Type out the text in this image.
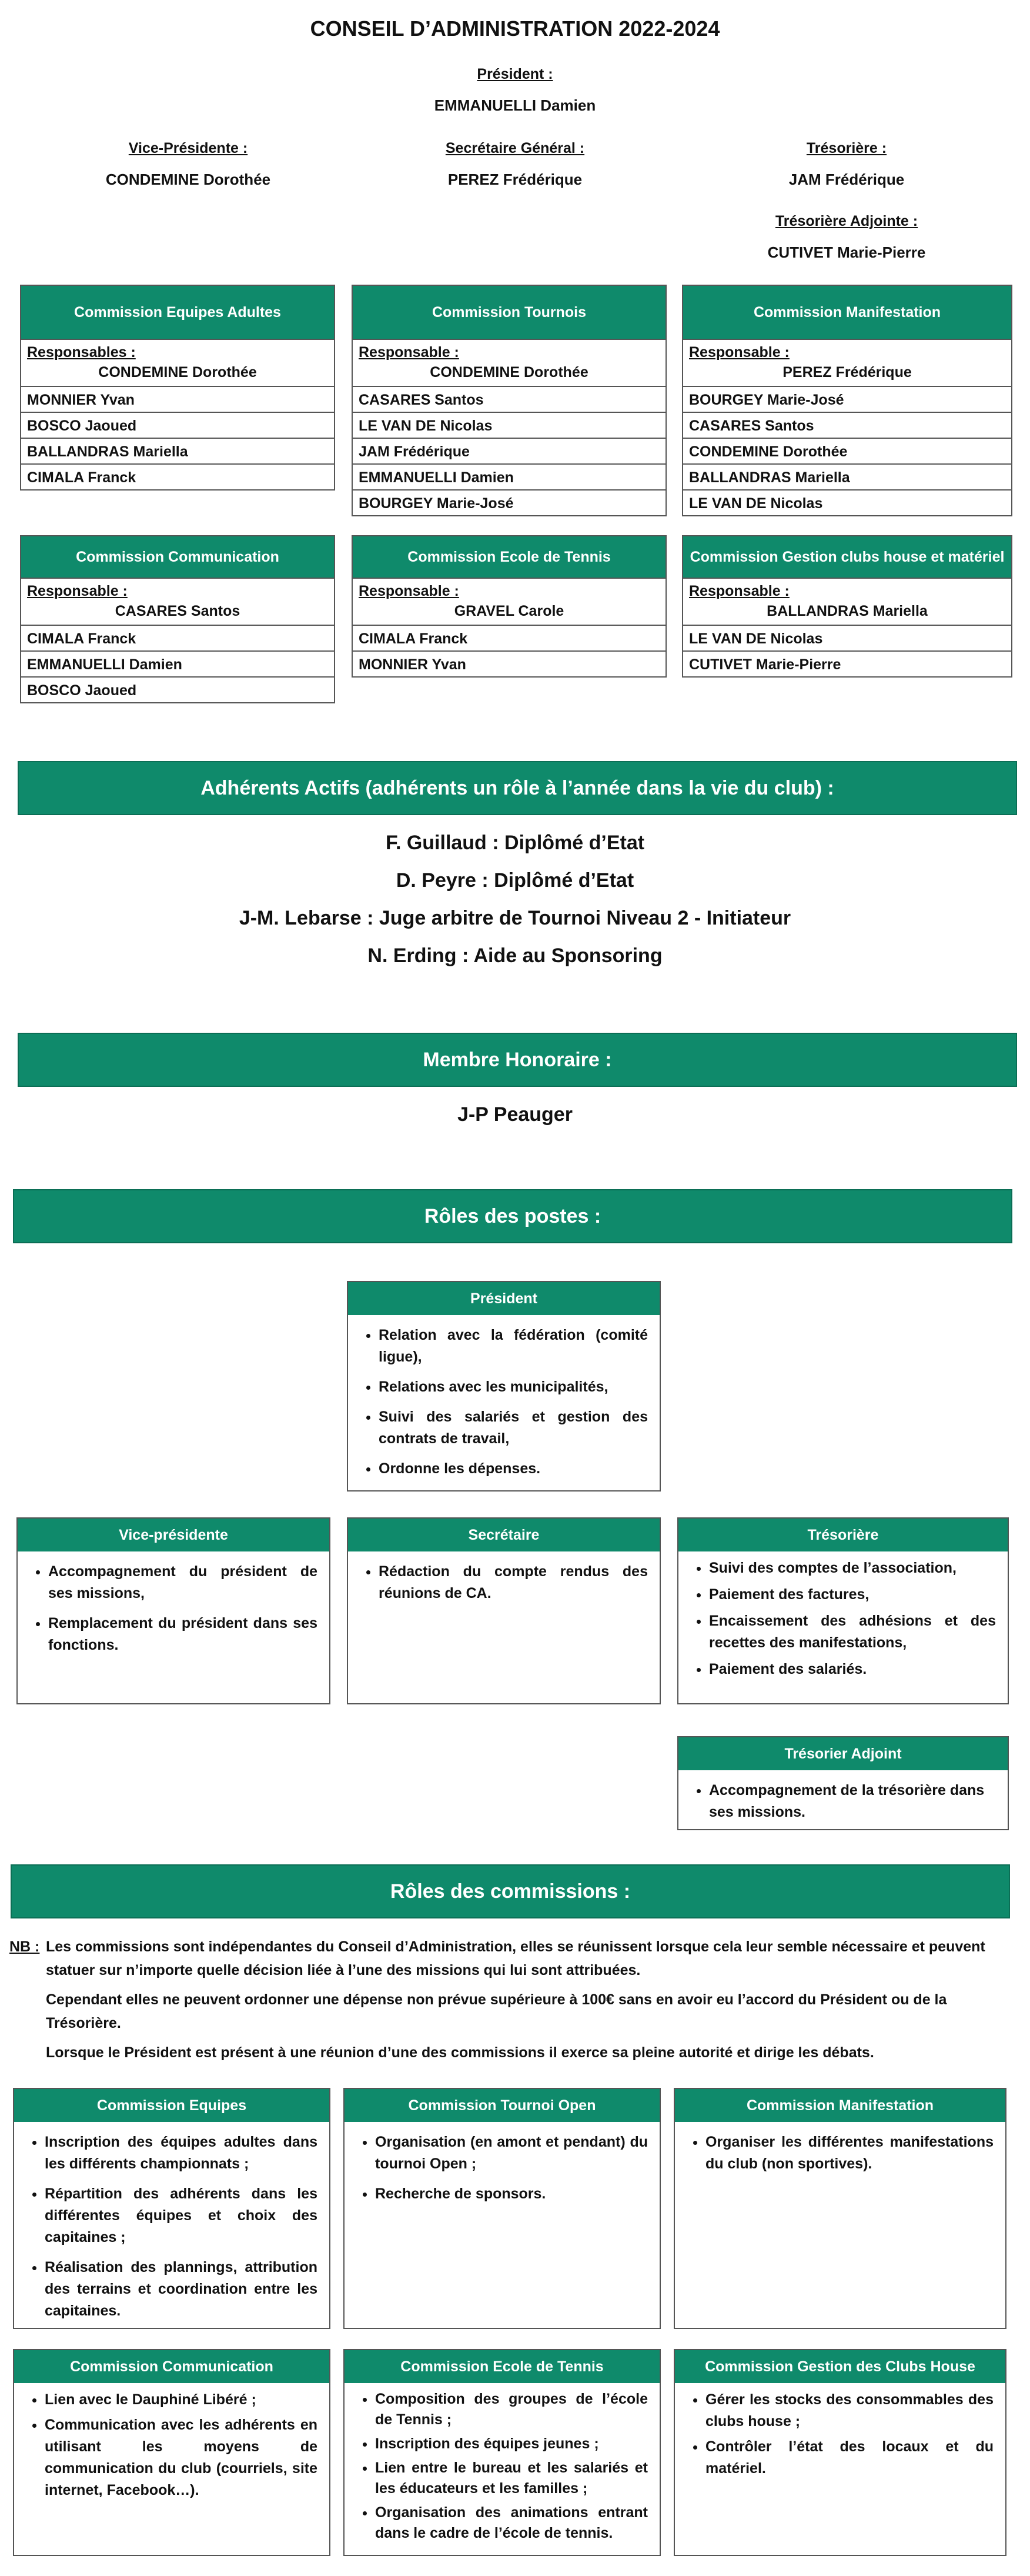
CONSEIL D’ADMINISTRATION 2022-2024
Président :
EMMANUELLI Damien
Vice-Présidente :
CONDEMINE Dorothée
Secrétaire Général :
PEREZ Frédérique
Trésorière :
JAM Frédérique
Trésorière Adjointe :
CUTIVET Marie-Pierre
Commission Equipes Adultes
Responsables :
CONDEMINE Dorothée
MONNIER Yvan
BOSCO Jaoued
BALLANDRAS Mariella
CIMALA Franck
Commission Tournois
Responsable :
CONDEMINE Dorothée
CASARES Santos
LE VAN DE Nicolas
JAM Frédérique
EMMANUELLI Damien
BOURGEY Marie-José
Commission Manifestation
Responsable :
PEREZ Frédérique
BOURGEY Marie-José
CASARES Santos
CONDEMINE Dorothée
BALLANDRAS Mariella
LE VAN DE Nicolas
Commission Communication
Responsable :
CASARES Santos
CIMALA Franck
EMMANUELLI Damien
BOSCO Jaoued
Commission Ecole de Tennis
Responsable :
GRAVEL Carole
CIMALA Franck
MONNIER Yvan
Commission Gestion clubs house et matériel
Responsable :
BALLANDRAS Mariella
LE VAN DE Nicolas
CUTIVET Marie-Pierre
Adhérents Actifs (adhérents un rôle à l’année dans la vie du club) :
F. Guillaud : Diplômé d’Etat
D. Peyre : Diplômé d’Etat
J-M. Lebarse : Juge arbitre de Tournoi Niveau 2 - Initiateur
N. Erding : Aide au Sponsoring
Membre Honoraire :
J-P Peauger
Rôles des postes :
Président
• Relation avec la fédération (comité ligue),
• Relations avec les municipalités,
• Suivi des salariés et gestion des contrats de travail,
• Ordonne les dépenses.
Vice-présidente
• Accompagnement du président de ses missions,
• Remplacement du président dans ses fonctions.
Secrétaire
• Rédaction du compte rendus des réunions de CA.
Trésorière
• Suivi des comptes de l’association,
• Paiement des factures,
• Encaissement des adhésions et des recettes des manifestations,
• Paiement des salariés.
Trésorier Adjoint
• Accompagnement de la trésorière dans ses missions.
Rôles des commissions :
NB : Les commissions sont indépendantes du Conseil d’Administration, elles se réunissent lorsque cela leur semble nécessaire et peuvent statuer sur n’importe quelle décision liée à l’une des missions qui lui sont attribuées.
Cependant elles ne peuvent ordonner une dépense non prévue supérieure à 100€ sans en avoir eu l’accord du Président ou de la Trésorière.
Lorsque le Président est présent à une réunion d’une des commissions il exerce sa pleine autorité et dirige les débats.
Commission Equipes
• Inscription des équipes adultes dans les différents championnats ;
• Répartition des adhérents dans les différentes équipes et choix des capitaines ;
• Réalisation des plannings, attribution des terrains et coordination entre les capitaines.
Commission Tournoi Open
• Organisation (en amont et pendant) du tournoi Open ;
• Recherche de sponsors.
Commission Manifestation
• Organiser les différentes manifestations du club (non sportives).
Commission Communication
• Lien avec le Dauphiné Libéré ;
• Communication avec les adhérents en utilisant les moyens de communication du club (courriels, site internet, Facebook…).
Commission Ecole de Tennis
• Composition des groupes de l’école de Tennis ;
• Inscription des équipes jeunes ;
• Lien entre le bureau et les salariés et les éducateurs et les familles ;
• Organisation des animations entrant dans le cadre de l’école de tennis.
Commission Gestion des Clubs House
• Gérer les stocks des consommables des clubs house ;
• Contrôler l’état des locaux et du matériel.
